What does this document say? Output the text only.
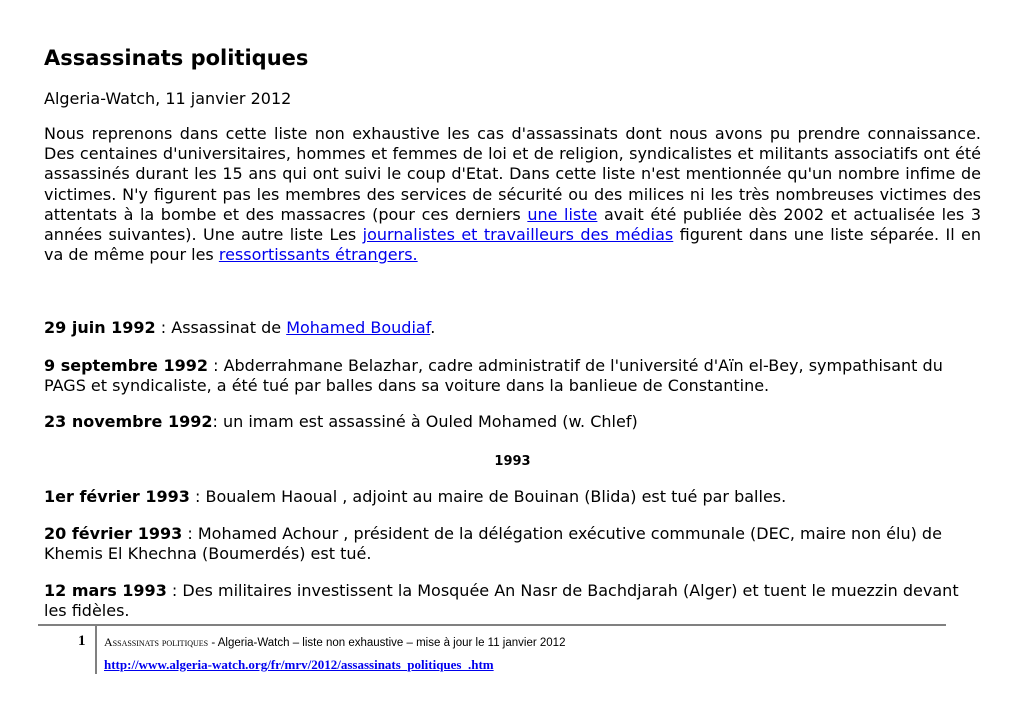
Assassinats politiques
Algeria-Watch, 11 janvier 2012

Nous reprenons dans cette liste non exhaustive les cas d'assassinats dont nous avons pu prendre connaissance. Des centaines d'universitaires, hommes et femmes de loi et de religion, syndicalistes et militants associatifs ont été assassinés durant les 15 ans qui ont suivi le coup d'Etat. Dans cette liste n'est mentionnée qu'un nombre infime de victimes. N'y figurent pas les membres des services de sécurité ou des milices ni les très nombreuses victimes des attentats à la bombe et des massacres (pour ces derniers une liste avait été publiée dès 2002 et actualisée les 3 années suivantes). Une autre liste Les journalistes et travailleurs des médias figurent dans une liste séparée. Il en va de même pour les ressortissants étrangers.

29 juin 1992 : Assassinat de Mohamed Boudiaf.

9 septembre 1992 : Abderrahmane Belazhar, cadre administratif de l'université d'Aïn el-Bey, sympathisant du PAGS et syndicaliste, a été tué par balles dans sa voiture dans la banlieue de Constantine.

23 novembre 1992: un imam est assassiné à Ouled Mohamed (w. Chlef)

1993

1er février 1993 : Boualem Haoual , adjoint au maire de Bouinan (Blida) est tué par balles.

20 février 1993 : Mohamed Achour , président de la délégation exécutive communale (DEC, maire non élu) de Khemis El Khechna (Boumerdés) est tué.

12 mars 1993 : Des militaires investissent la Mosquée An Nasr de Bachdjarah (Alger) et tuent le muezzin devant les fidèles.

1 Assassinats politiques - Algeria-Watch – liste non exhaustive – mise à jour le 11 janvier 2012
http://www.algeria-watch.org/fr/mrv/2012/assassinats_politiques_.htm
